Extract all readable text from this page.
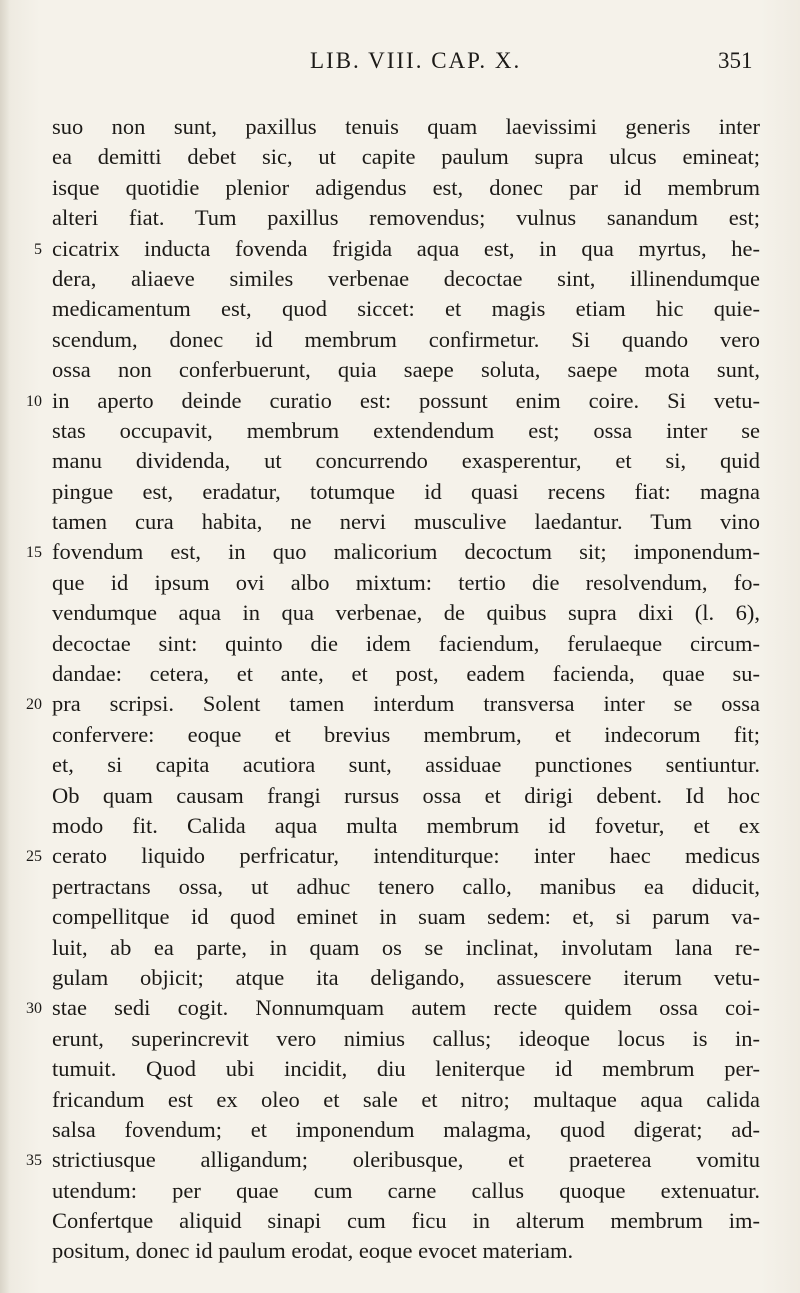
LIB. VIII. CAP. X.	351
suo non sunt, paxillus tenuis quam laevissimi generis inter
ea demitti debet sic, ut capite paulum supra ulcus emineat;
isque quotidie plenior adigendus est, donec par id membrum
alteri fiat. Tum paxillus removendus; vulnus sanandum est;
5 cicatrix inducta fovenda frigida aqua est, in qua myrtus, he-
dera, aliaeve similes verbenae decoctae sint, illinendumque
medicamentum est, quod siccet: et magis etiam hic quie-
scendum, donec id membrum confirmetur. Si quando vero
ossa non conferbuerunt, quia saepe soluta, saepe mota sunt,
10 in aperto deinde curatio est: possunt enim coire. Si vetu-
stas occupavit, membrum extendendum est; ossa inter se
manu dividenda, ut concurrendo exasperentur, et si, quid
pingue est, eradatur, totumque id quasi recens fiat: magna
tamen cura habita, ne nervi musculive laedantur. Tum vino
15 fovendum est, in quo malicorium decoctum sit; imponendum-
que id ipsum ovi albo mixtum: tertio die resolvendum, fo-
vendumque aqua in qua verbenae, de quibus supra dixi (l. 6),
decoctae sint: quinto die idem faciendum, ferulaeque circum-
dandae: cetera, et ante, et post, eadem facienda, quae su-
20 pra scripsi. Solent tamen interdum transversa inter se ossa
confervere: eoque et brevius membrum, et indecorum fit;
et, si capita acutiora sunt, assiduae punctiones sentiuntur.
Ob quam causam frangi rursus ossa et dirigi debent. Id hoc
modo fit. Calida aqua multa membrum id fovetur, et ex
25 cerato liquido perfricatur, intenditurque: inter haec medicus
pertractans ossa, ut adhuc tenero callo, manibus ea diducit,
compellitque id quod eminet in suam sedem: et, si parum va-
luit, ab ea parte, in quam os se inclinat, involutam lana re-
gulam objicit; atque ita deligando, assuescere iterum vetu-
30 stae sedi cogit. Nonnumquam autem recte quidem ossa coi-
erunt, superincrevit vero nimius callus; ideoque locus is in-
tumuit. Quod ubi incidit, diu leniterque id membrum per-
fricandum est ex oleo et sale et nitro; multaque aqua calida
salsa fovendum; et imponendum malagma, quod digerat; ad-
35 strictiusque alligandum; oleribusque, et praeterea vomitu
utendum: per quae cum carne callus quoque extenuatur.
Confertque aliquid sinapi cum ficu in alterum membrum im-
positum, donec id paulum erodat, eoque evocet materiam.
